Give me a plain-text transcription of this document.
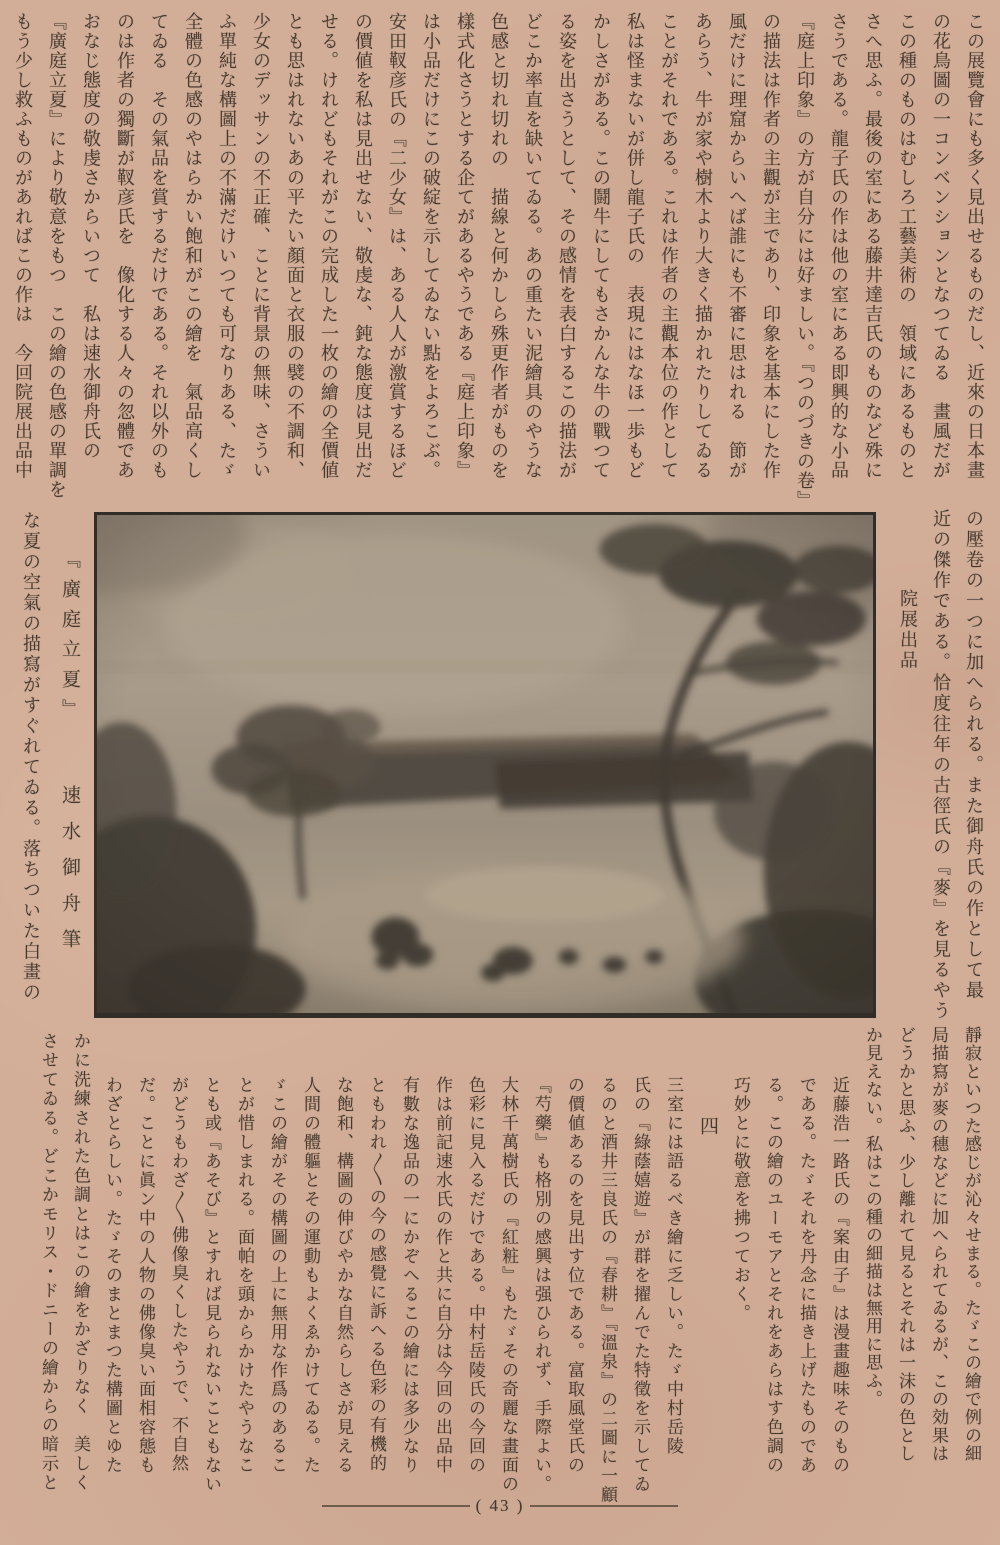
この展覽會にも多く見出せるものだし、近來の日本畫
の花鳥圖の一コンベンションとなつてゐる　畫風だが
この種のものはむしろ工藝美術の　領域にあるものと
さへ思ふ。最後の室にある藤井達吉氏のものなど殊に
さうである。龍子氏の作は他の室にある即興的な小品
『庭上印象』の方が自分には好ましい。『つのづきの卷』
の描法は作者の主觀が主であり、印象を基本にした作
風だけに理窟からいへば誰にも不審に思はれる　節が
あらう、牛が家や樹木より大きく描かれたりしてゐる
ことがそれである。これは作者の主觀本位の作として
私は怪まないが併し龍子氏の　表現にはなほ一歩もど
かしさがある。この鬪牛にしてもさかんな牛の戰つて
る姿を出さうとして、その感情を表白するこの描法が
どこか率直を缺いてゐる。あの重たい泥繪具のやうな
色感と切れ切れの　描線と何かしら殊更作者がものを
樣式化さうとする企てがあるやうである『庭上印象』
は小品だけにこの破綻を示してゐない點をよろこぶ。
安田靫彦氏の『二少女』は、ある人人が激賞するほど
の價値を私は見出せない、敬虔な、鈍な態度は見出だ
せる。けれどもそれがこの完成した一枚の繪の全價値
とも思はれないあの平たい顏面と衣服の襞の不調和、
少女のデッサンの不正確、ことに背景の無味、さうい
ふ單純な構圖上の不滿だけいつても可なりある、たゞ
全體の色感のやはらかい飽和がこの繪を　氣品高くし
てゐる　その氣品を賞するだけである。それ以外のも
のは作者の獨斷が靫彦氏を　像化する人々の忽體であ
おなじ態度の敬虔さからいつて　私は速水御舟氏の
『廣庭立夏』により敬意をもつ　この繪の色感の單調を
もう少し救ふものがあればこの作は　今回院展出品中
の壓卷の一つに加へられる。また御舟氏の作として最
近の傑作である。恰度往年の古徑氏の『麥』を見るやう
院展出品
『廣庭立夏』 速水御舟筆
な夏の空氣の描寫がすぐれてゐる。落ちついた白畫の
靜寂といつた感じが沁々せまる。たゞこの繪で例の細
局描寫が麥の穗などに加へられてゐるが、この効果は
どうかと思ふ、少し離れて見るとそれは一沫の色とし
か見えない。私はこの種の細描は無用に思ふ。
近藤浩一路氏の『案由子』は漫畫趣味そのもの
である。たゞそれを丹念に描き上げたものであ
る。この繪のユーモアとそれをあらはす色調の
巧妙とに敬意を拂つておく。
四
三室には語るべき繪に乏しい。たゞ中村岳陵
氏の『綠蔭嬉遊』が群を擢んでた特徵を示してゐ
るのと酒井三良氏の『春耕』『溫泉』の二圖に一顧
の價値あるのを見出す位である。富取風堂氏の
『芍藥』も格別の感興は强ひられず、手際よい。
大林千萬樹氏の『紅粧』もたゞその奇麗な畫面の
色彩に見入るだけである。中村岳陵氏の今回の
作は前記速水氏の作と共に自分は今回の出品中
有數な逸品の一にかぞへるこの繪には多少なり
ともわれ〳〵の今の感覺に訴へる色彩の有機的
な飽和、構圖の伸びやかな自然らしさが見える
人間の體軀とその運動もよくゑかけてゐる。た
ゞこの繪がその構圖の上に無用な作爲のあるこ
とが惜しまれる。面帕を頭からかけたやうなこ
とも或『あそび』とすれば見られないこともない
がどうもわざ〳〵佛像臭くしたやうで、不自然
だ。ことに眞ン中の人物の佛像臭い面相容態も
わざとらしい。たゞそのまとまつた構圖とゆた
かに洗練された色調とはこの繪をかざりなく　美しく
させてゐる。どこかモリス・ドニーの繪からの暗示と
( 43 )
